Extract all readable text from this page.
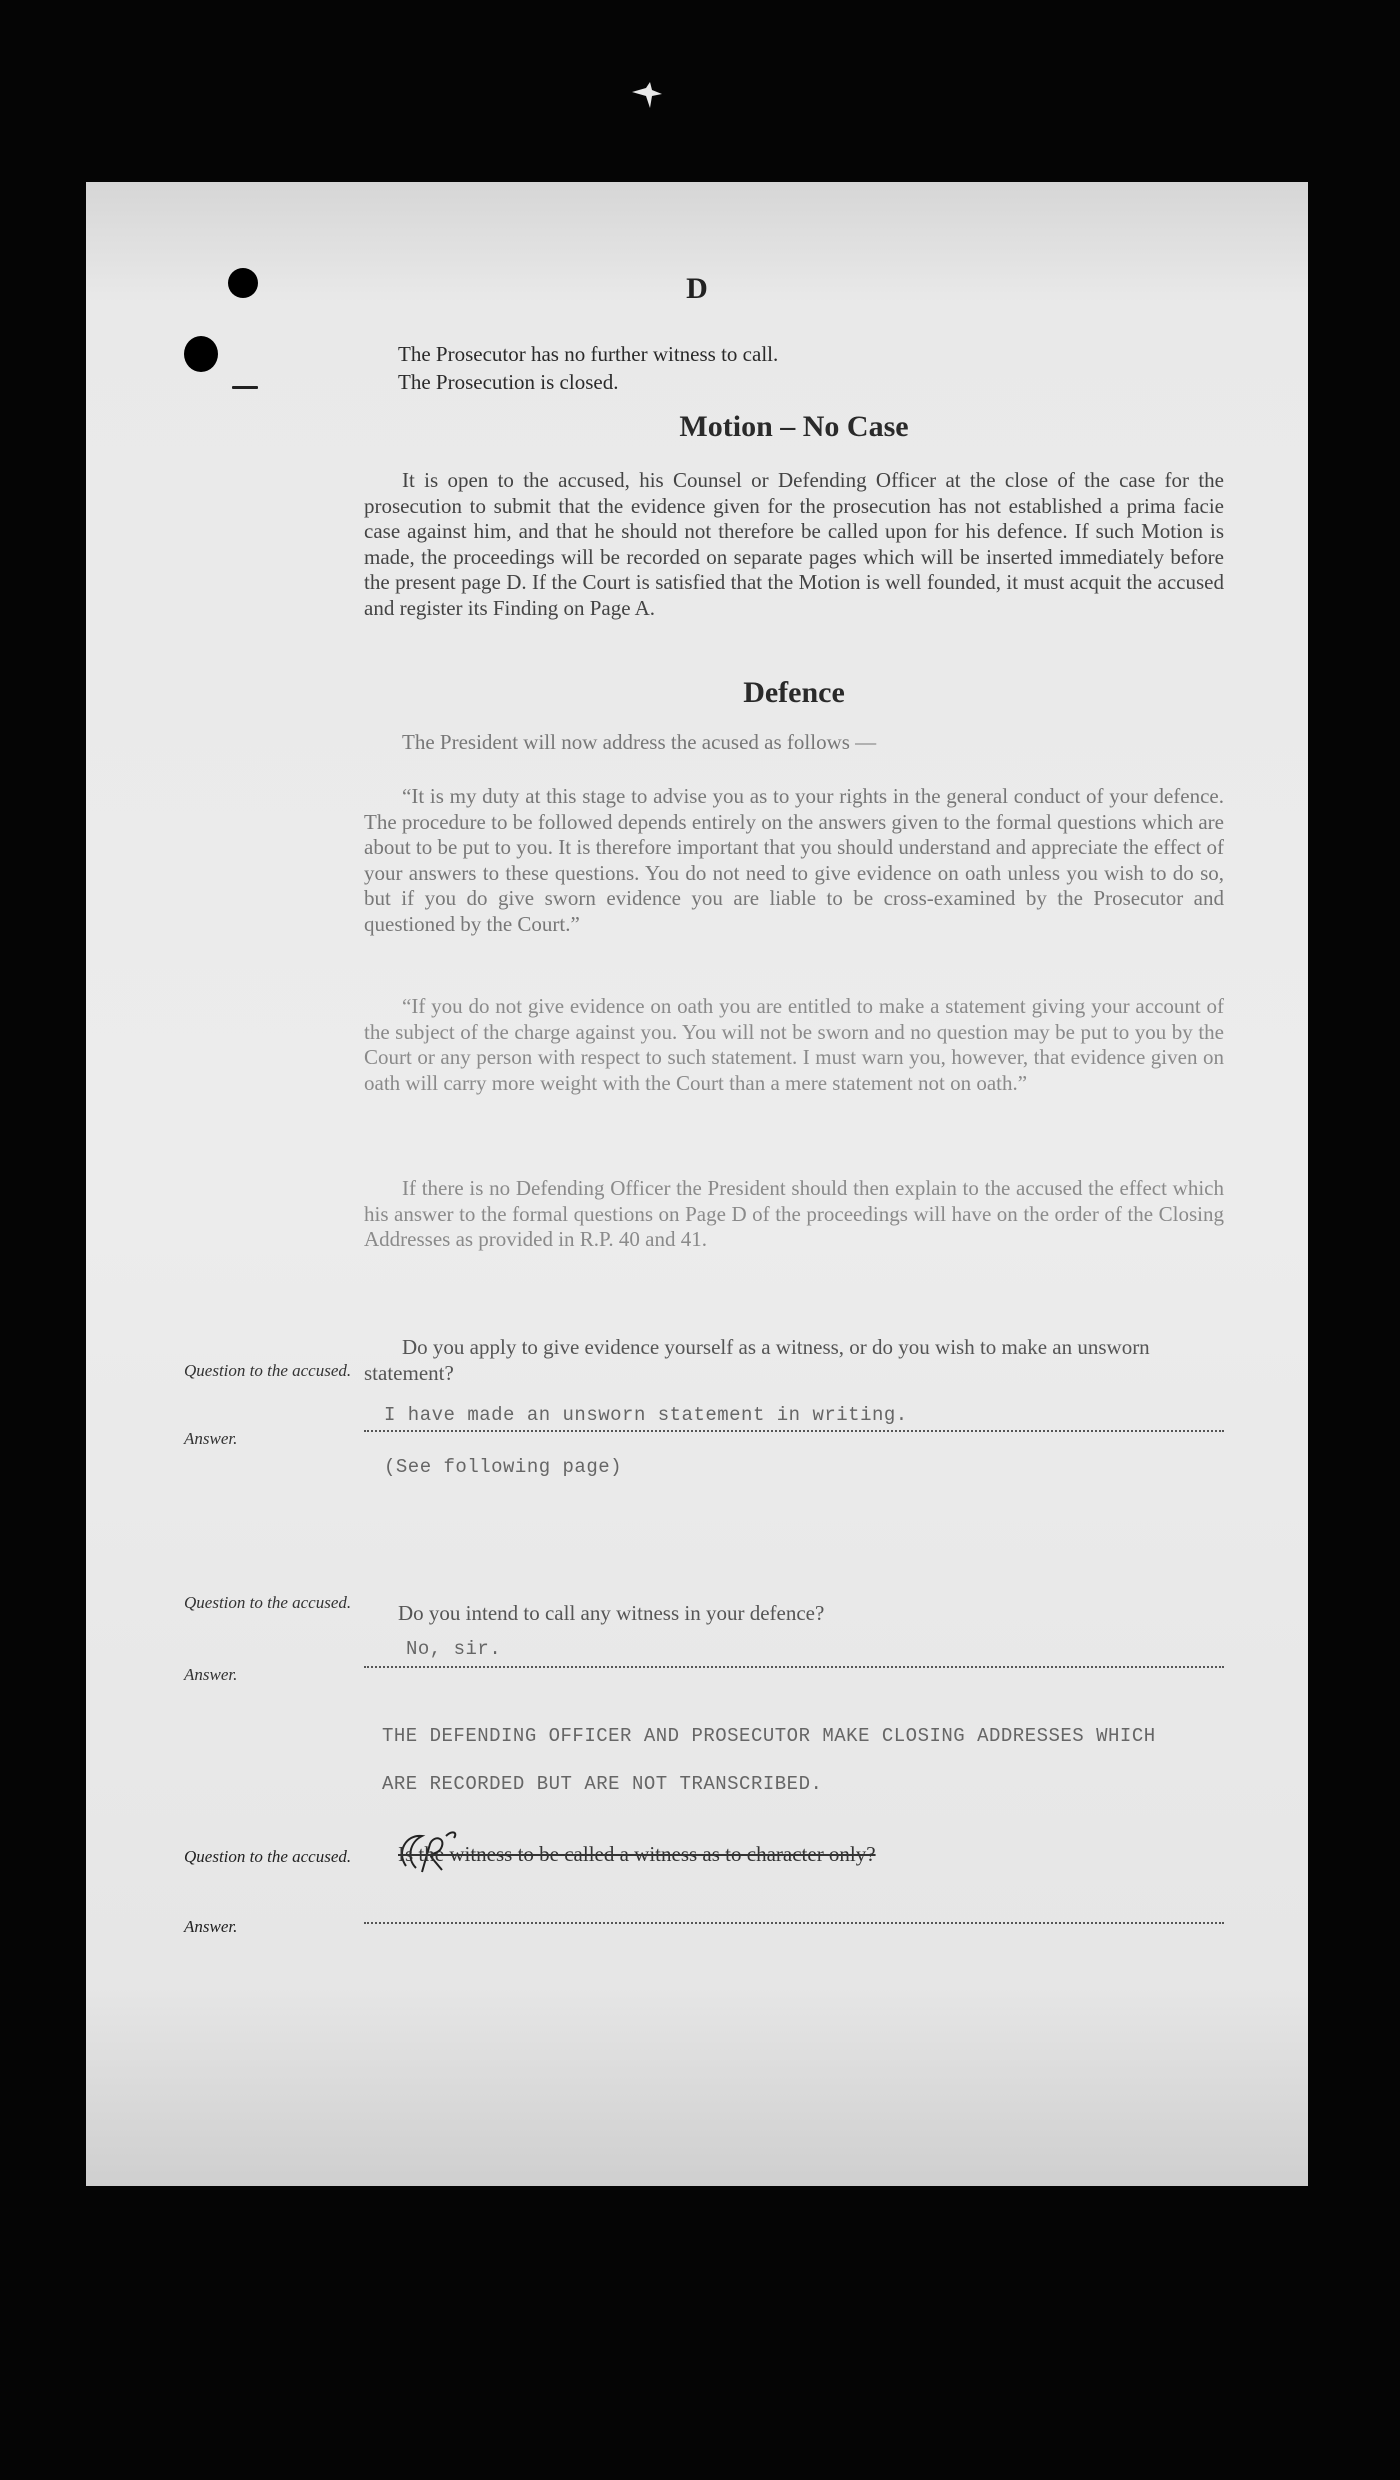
D
The Prosecutor has no further witness to call.
The Prosecution is closed.
Motion – No Case
It is open to the accused, his Counsel or Defending Officer at the close of the case for the prosecution to submit that the evidence given for the prosecution has not established a prima facie case against him, and that he should not therefore be called upon for his defence. If such Motion is made, the proceedings will be recorded on separate pages which will be inserted immediately before the present page D. If the Court is satisfied that the Motion is well founded, it must acquit the accused and register its Finding on Page A.
Defence
The President will now address the acused as follows —
“It is my duty at this stage to advise you as to your rights in the general conduct of your defence. The procedure to be followed depends entirely on the answers given to the formal questions which are about to be put to you. It is therefore important that you should understand and appreciate the effect of your answers to these questions. You do not need to give evidence on oath unless you wish to do so, but if you do give sworn evidence you are liable to be cross-examined by the Prosecutor and questioned by the Court.”
“If you do not give evidence on oath you are entitled to make a statement giving your account of the subject of the charge against you. You will not be sworn and no question may be put to you by the Court or any person with respect to such statement. I must warn you, however, that evidence given on oath will carry more weight with the Court than a mere statement not on oath.”
If there is no Defending Officer the President should then explain to the accused the effect which his answer to the formal questions on Page D of the proceedings will have on the order of the Closing Addresses as provided in R.P. 40 and 41.
Question to the accused.
Answer.
Do you apply to give evidence yourself as a witness, or do you wish to make an unsworn statement?
I have made an unsworn statement in writing.
(See following page)
Question to the accused.
Answer.
Do you intend to call any witness in your defence?
No, sir.
THE DEFENDING OFFICER AND PROSECUTOR MAKE CLOSING ADDRESSES WHICH
ARE RECORDED BUT ARE NOT TRANSCRIBED.
Question to the accused.
Answer.
Is the witness to be called a witness as to character only?
